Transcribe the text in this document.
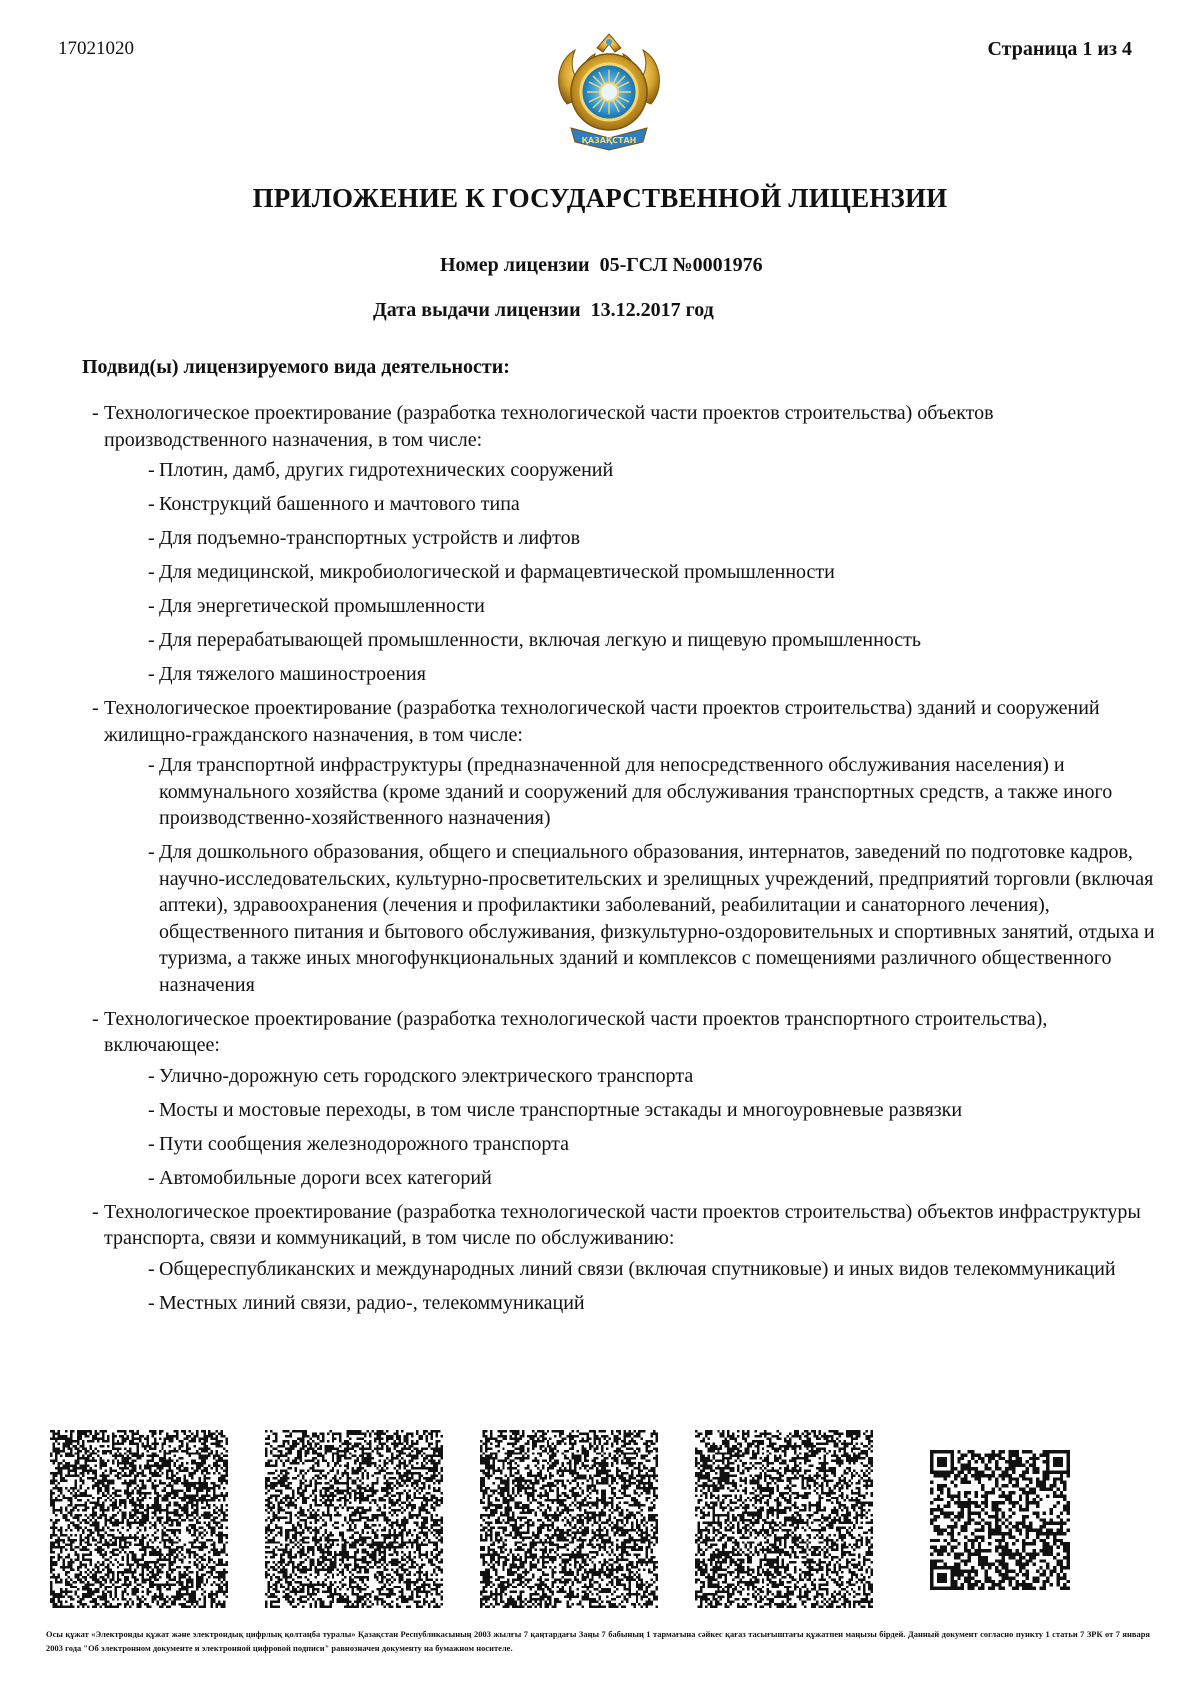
17021020	Страница 1 из 4
ҚАЗАҚСТАН
ПРИЛОЖЕНИЕ К ГОСУДАРСТВЕННОЙ ЛИЦЕНЗИИ
Номер лицензии 05-ГСЛ №0001976
Дата выдачи лицензии 13.12.2017 год
Подвид(ы) лицензируемого вида деятельности:
- Технологическое проектирование (разработка технологической части проектов строительства) объектов производственного назначения, в том числе:
- Плотин, дамб, других гидротехнических сооружений
- Конструкций башенного и мачтового типа
- Для подъемно-транспортных устройств и лифтов
- Для медицинской, микробиологической и фармацевтической промышленности
- Для энергетической промышленности
- Для перерабатывающей промышленности, включая легкую и пищевую промышленность
- Для тяжелого машиностроения
- Технологическое проектирование (разработка технологической части проектов строительства) зданий и сооружений жилищно-гражданского назначения, в том числе:
- Для транспортной инфраструктуры (предназначенной для непосредственного обслуживания населения) и коммунального хозяйства (кроме зданий и сооружений для обслуживания транспортных средств, а также иного производственно-хозяйственного назначения)
- Для дошкольного образования, общего и специального образования, интернатов, заведений по подготовке кадров, научно-исследовательских, культурно-просветительских и зрелищных учреждений, предприятий торговли (включая аптеки), здравоохранения (лечения и профилактики заболеваний, реабилитации и санаторного лечения), общественного питания и бытового обслуживания, физкультурно-оздоровительных и спортивных занятий, отдыха и туризма, а также иных многофункциональных зданий и комплексов с помещениями различного общественного назначения
- Технологическое проектирование (разработка технологической части проектов транспортного строительства), включающее:
- Улично-дорожную сеть городского электрического транспорта
- Мосты и мостовые переходы, в том числе транспортные эстакады и многоуровневые развязки
- Пути сообщения железнодорожного транспорта
- Автомобильные дороги всех категорий
- Технологическое проектирование (разработка технологической части проектов строительства) объектов инфраструктуры транспорта, связи и коммуникаций, в том числе по обслуживанию:
- Общереспубликанских и международных линий связи (включая спутниковые) и иных видов телекоммуникаций
- Местных линий связи, радио-, телекоммуникаций
Осы құжат «Электронды құжат және электрондық цифрлық қолтаңба туралы» Қазақстан Республикасының 2003 жылғы 7 қаңтардағы Заңы 7 бабының 1 тармағына сәйкес қағаз тасығыштағы құжатпен маңызы бірдей. Данный документ согласно пункту 1 статьи 7 ЗРК от 7 января 2003 года "Об электронном документе и электронной цифровой подписи" равнозначен документу на бумажном носителе.
